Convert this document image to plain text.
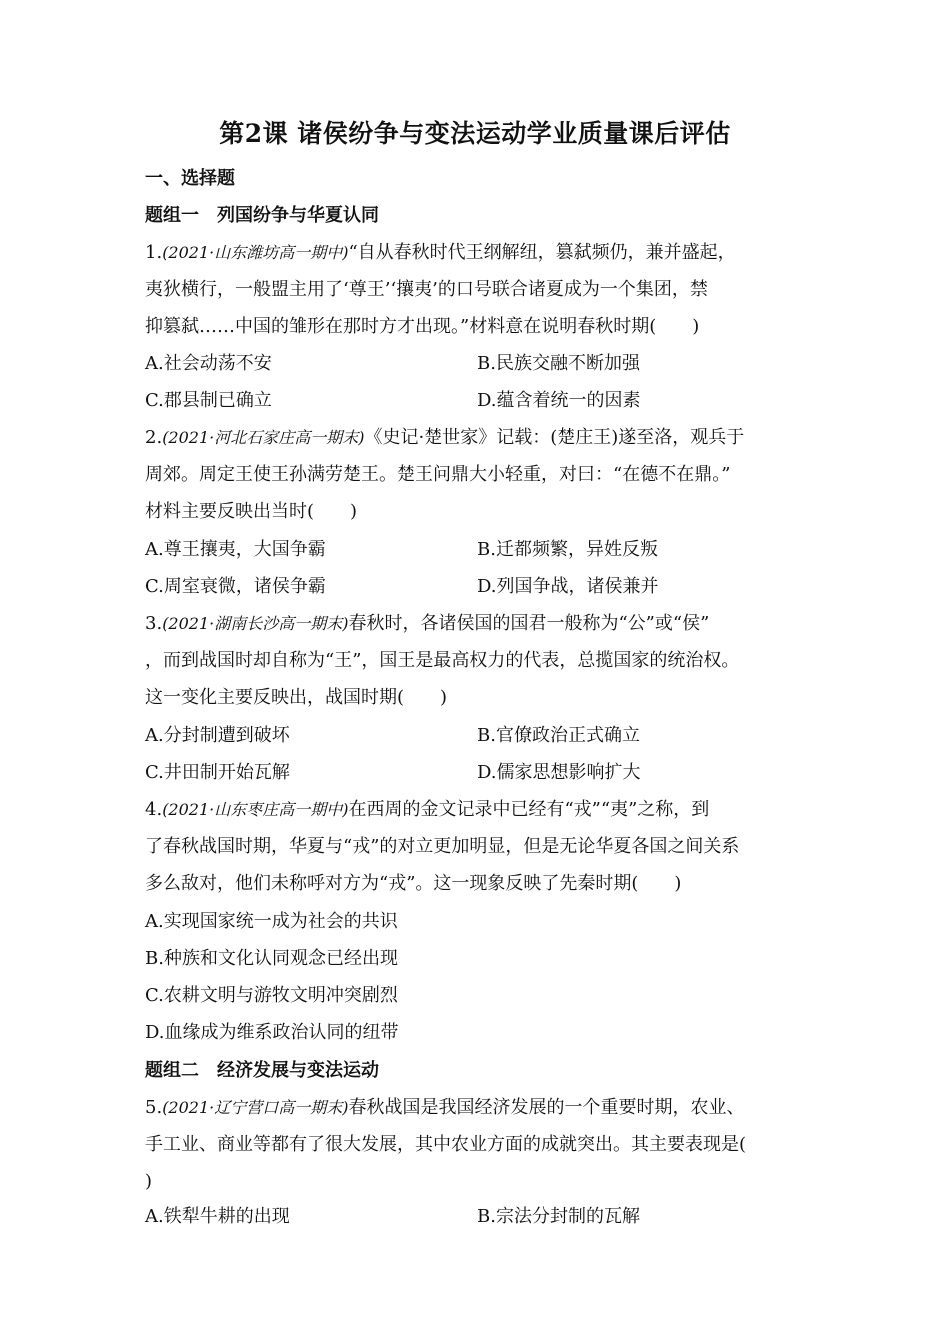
第2课 诸侯纷争与变法运动学业质量课后评估
一、选择题
题组一　列国纷争与华夏认同
1.(2021·山东潍坊高一期中)“自从春秋时代王纲解纽，篡弑频仍，兼并盛起，
夷狄横行，一般盟主用了‘尊王’‘攘夷’的口号联合诸夏成为一个集团，禁
抑篡弑……中国的雏形在那时方才出现。”材料意在说明春秋时期(　　)
A.社会动荡不安	B.民族交融不断加强
C.郡县制已确立	D.蕴含着统一的因素
2.(2021·河北石家庄高一期末)《史记·楚世家》记载：(楚庄王)遂至洛，观兵于
周郊。周定王使王孙满劳楚王。楚王问鼎大小轻重，对曰：“在德不在鼎。”
材料主要反映出当时(　　)
A.尊王攘夷，大国争霸	B.迁都频繁，异姓反叛
C.周室衰微，诸侯争霸	D.列国争战，诸侯兼并
3.(2021·湖南长沙高一期末)春秋时，各诸侯国的国君一般称为“公”或“侯”
，而到战国时却自称为“王”，国王是最高权力的代表，总揽国家的统治权。
这一变化主要反映出，战国时期(　　)
A.分封制遭到破坏	B.官僚政治正式确立
C.井田制开始瓦解	D.儒家思想影响扩大
4.(2021·山东枣庄高一期中)在西周的金文记录中已经有“戎”“夷”之称，到
了春秋战国时期，华夏与“戎”的对立更加明显，但是无论华夏各国之间关系
多么敌对，他们未称呼对方为“戎”。这一现象反映了先秦时期(　　)
A.实现国家统一成为社会的共识
B.种族和文化认同观念已经出现
C.农耕文明与游牧文明冲突剧烈
D.血缘成为维系政治认同的纽带
题组二　经济发展与变法运动
5.(2021·辽宁营口高一期末)春秋战国是我国经济发展的一个重要时期，农业、
手工业、商业等都有了很大发展，其中农业方面的成就突出。其主要表现是(
)
A.铁犁牛耕的出现	B.宗法分封制的瓦解
